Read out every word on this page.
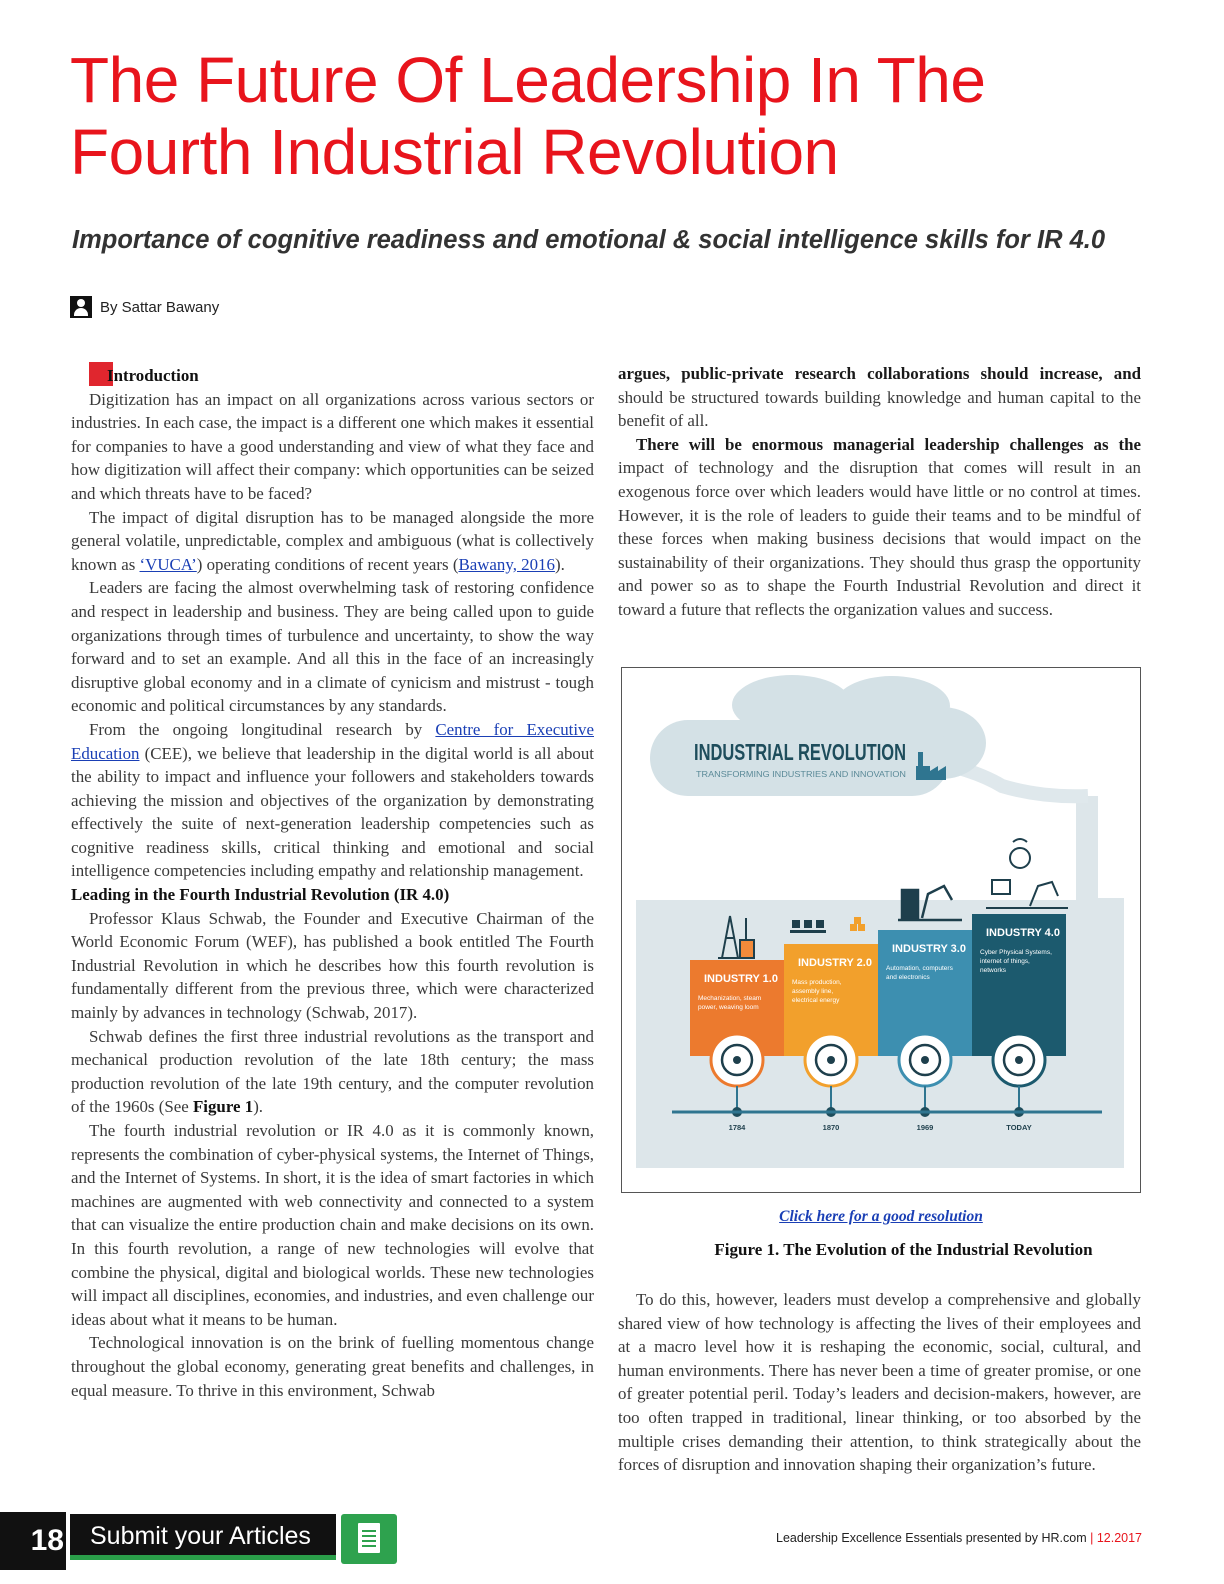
The Future Of Leadership In The Fourth Industrial Revolution
Importance of cognitive readiness and emotional & social intelligence skills for IR 4.0
By Sattar Bawany
Introduction

Digitization has an impact on all organizations across various sectors or industries. In each case, the impact is a different one which makes it essential for companies to have a good understanding and view of what they face and how digitization will affect their company: which opportunities can be seized and which threats have to be faced?

The impact of digital disruption has to be managed alongside the more general volatile, unpredictable, complex and ambiguous (what is collectively known as ‘VUCA’) operating conditions of recent years (Bawany, 2016).

Leaders are facing the almost overwhelming task of restoring confidence and respect in leadership and business. They are being called upon to guide organizations through times of turbulence and uncertainty, to show the way forward and to set an example. And all this in the face of an increasingly disruptive global economy and in a climate of cynicism and mistrust - tough economic and political circumstances by any standards.

From the ongoing longitudinal research by Centre for Executive Education (CEE), we believe that leadership in the digital world is all about the ability to impact and influence your followers and stakeholders towards achieving the mission and objectives of the organization by demonstrating effectively the suite of next-generation leadership competencies such as cognitive readiness skills, critical thinking and emotional and social intelligence competencies including empathy and relationship management.

Leading in the Fourth Industrial Revolution (IR 4.0)

Professor Klaus Schwab, the Founder and Executive Chairman of the World Economic Forum (WEF), has published a book entitled The Fourth Industrial Revolution in which he describes how this fourth revolution is fundamentally different from the previous three, which were characterized mainly by advances in technology (Schwab, 2017).

Schwab defines the first three industrial revolutions as the transport and mechanical production revolution of the late 18th century; the mass production revolution of the late 19th century, and the computer revolution of the 1960s (See Figure 1).

The fourth industrial revolution or IR 4.0 as it is commonly known, represents the combination of cyber-physical systems, the Internet of Things, and the Internet of Systems. In short, it is the idea of smart factories in which machines are augmented with web connectivity and connected to a system that can visualize the entire production chain and make decisions on its own. In this fourth revolution, a range of new technologies will evolve that combine the physical, digital and biological worlds. These new technologies will impact all disciplines, economies, and industries, and even challenge our ideas about what it means to be human.

Technological innovation is on the brink of fuelling momentous change throughout the global economy, generating great benefits and challenges, in equal measure. To thrive in this environment, Schwab

argues, public-private research collaborations should increase, and should be structured towards building knowledge and human capital to the benefit of all.

There will be enormous managerial leadership challenges as the impact of technology and the disruption that comes will result in an exogenous force over which leaders would have little or no control at times. However, it is the role of leaders to guide their teams and to be mindful of these forces when making business decisions that would impact on the sustainability of their organizations. They should thus grasp the opportunity and power so as to shape the Fourth Industrial Revolution and direct it toward a future that reflects the organization values and success.

INDUSTRIAL REVOLUTION
TRANSFORMING INDUSTRIES AND INNOVATION
INDUSTRY 1.0
Mechanization, steam
power, weaving loom
1784
INDUSTRY 2.0
Mass production,
assembly line,
electrical energy
1870
INDUSTRY 3.0
Automation, computers
and electronics
1969
INDUSTRY 4.0
Cyber Physical Systems,
internet of things,
networks
TODAY
Click here for a good resolution
Figure 1. The Evolution of the Industrial Revolution

To do this, however, leaders must develop a comprehensive and globally shared view of how technology is affecting the lives of their employees and at a macro level how it is reshaping the economic, social, cultural, and human environments. There has never been a time of greater promise, or one of greater potential peril. Today’s leaders and decision-makers, however, are too often trapped in traditional, linear thinking, or too absorbed by the multiple crises demanding their attention, to think strategically about the forces of disruption and innovation shaping their organization’s future.

18	Submit your Articles	Leadership Excellence Essentials presented by HR.com | 12.2017
